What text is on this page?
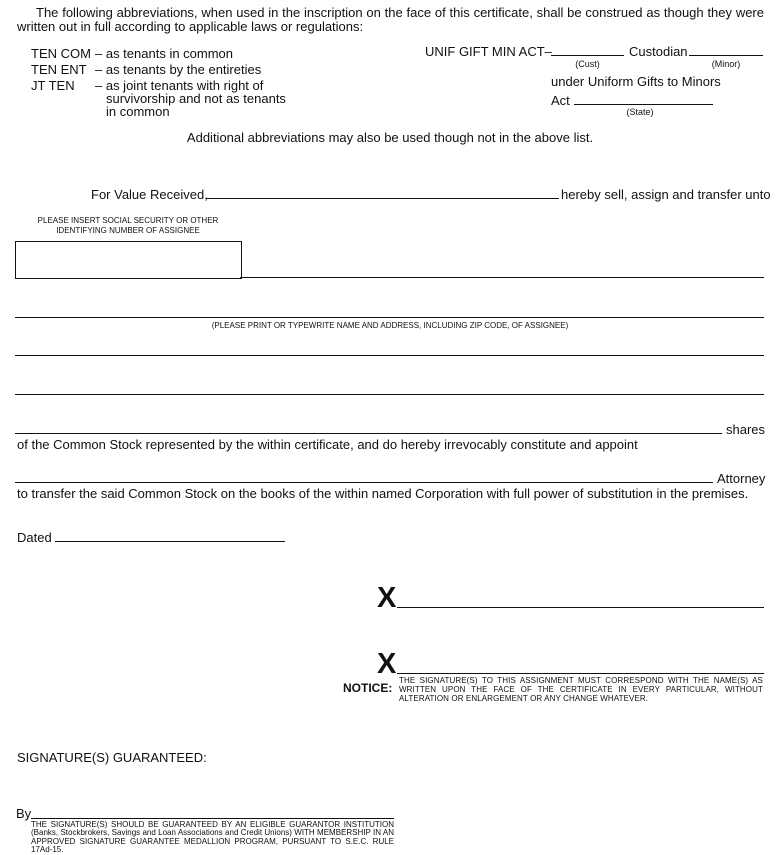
The following abbreviations, when used in the inscription on the face of this certificate, shall be construed as though they were written out in full according to applicable laws or regulations:
TEN COM – as tenants in common
TEN ENT – as tenants by the entireties
JT TEN – as joint tenants with right of
survivorship and not as tenants
in common
UNIF GIFT MIN ACT–	Custodian
(Cust)	(Minor)
under Uniform Gifts to Minors
Act
(State)
Additional abbreviations may also be used though not in the above list.
For Value Received,	hereby sell, assign and transfer unto
PLEASE INSERT SOCIAL SECURITY OR OTHER
IDENTIFYING NUMBER OF ASSIGNEE
(PLEASE PRINT OR TYPEWRITE NAME AND ADDRESS, INCLUDING ZIP CODE, OF ASSIGNEE)
shares
of the Common Stock represented by the within certificate, and do hereby irrevocably constitute and appoint
Attorney
to transfer the said Common Stock on the books of the within named Corporation with full power of substitution in the premises.
Dated
X
X
NOTICE:
THE SIGNATURE(S) TO THIS ASSIGNMENT MUST CORRESPOND WITH THE NAME(S) AS WRITTEN UPON THE FACE OF THE CERTIFICATE IN EVERY PARTICULAR, WITHOUT ALTERATION OR ENLARGEMENT OR ANY CHANGE WHATEVER.
SIGNATURE(S) GUARANTEED:
By
THE SIGNATURE(S) SHOULD BE GUARANTEED BY AN ELIGIBLE GUARANTOR INSTITUTION (Banks, Stockbrokers, Savings and Loan Associations and Credit Unions) WITH MEMBERSHIP IN AN APPROVED SIGNATURE GUARANTEE MEDALLION PROGRAM, PURSUANT TO S.E.C. RULE 17Ad-15.
